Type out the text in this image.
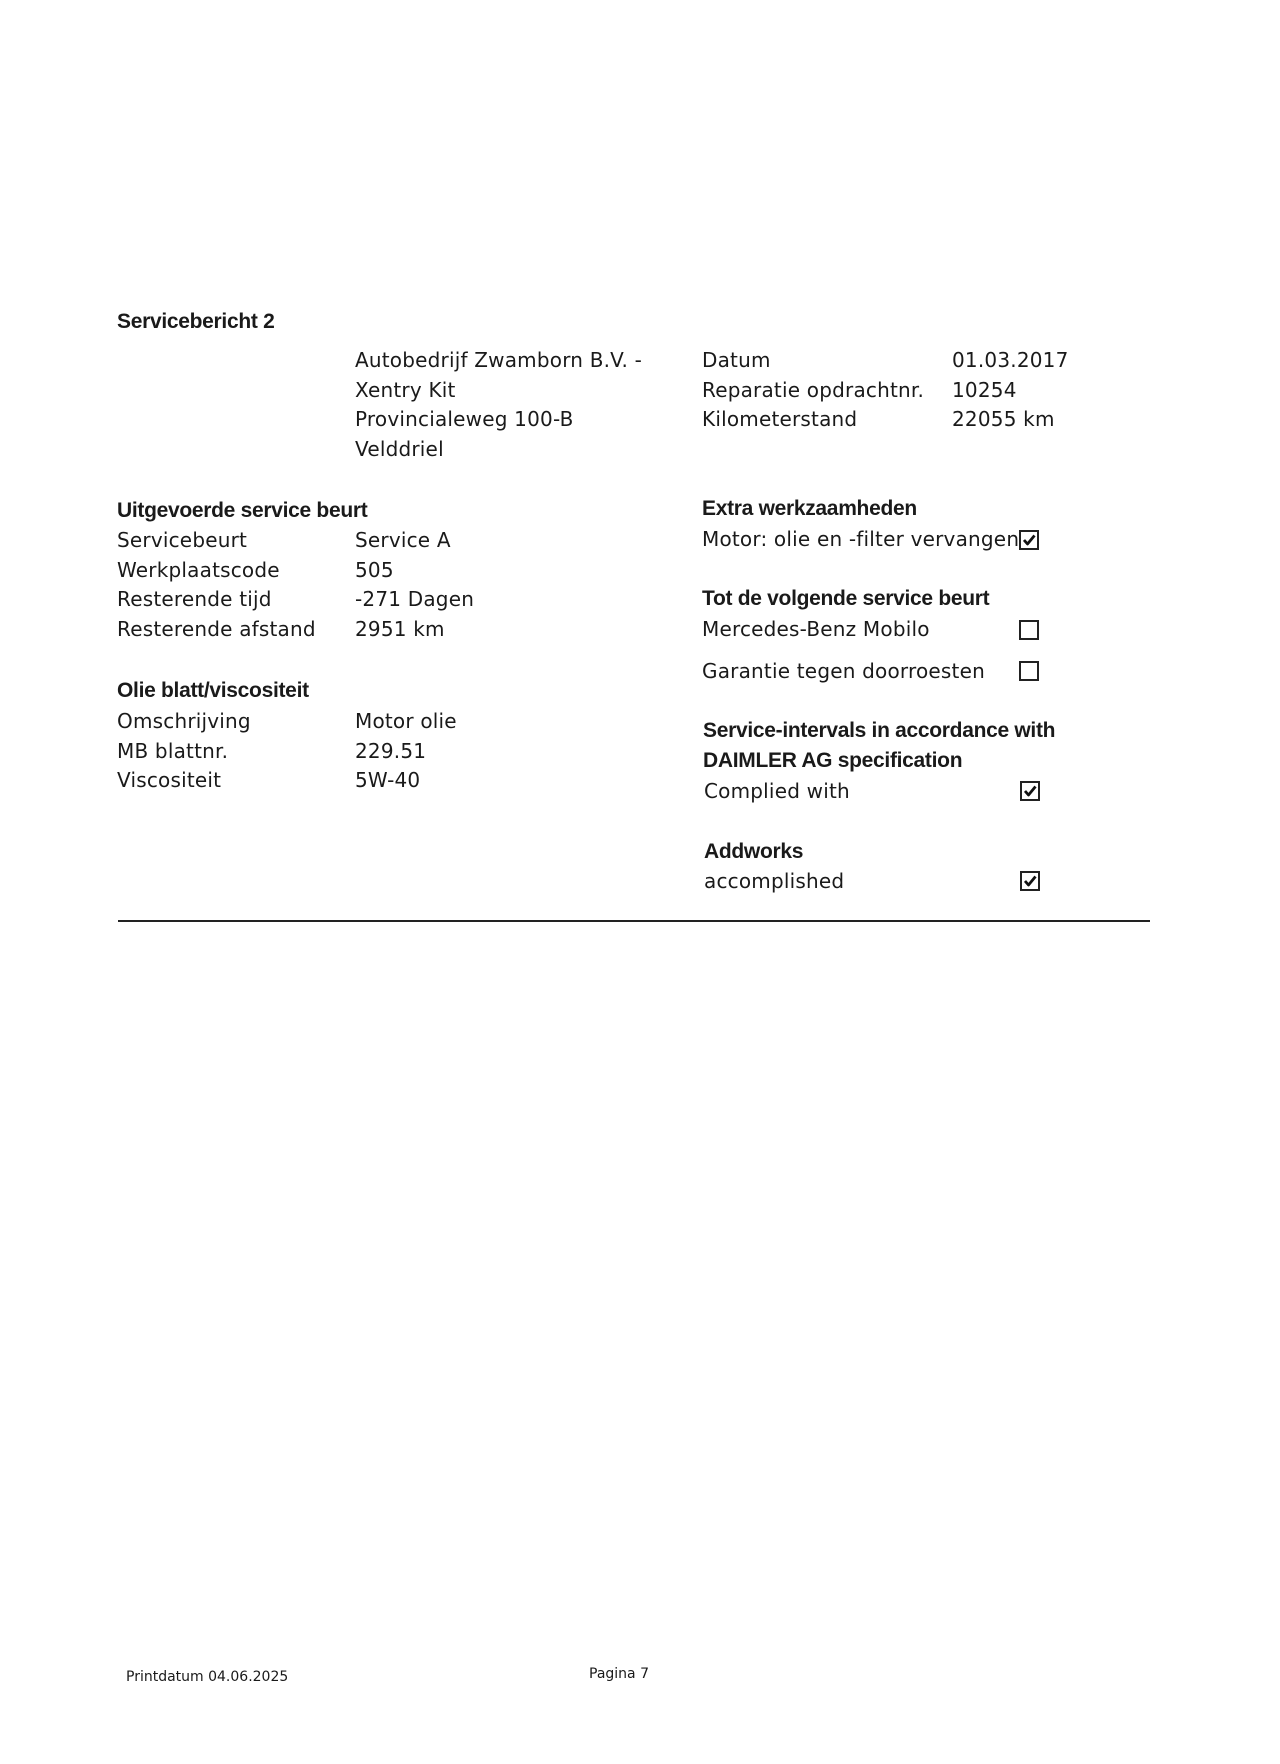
Servicebericht 2
Autobedrijf Zwamborn B.V. -
Xentry Kit
Provincialeweg 100-B
Velddriel
Datum	01.03.2017
Reparatie opdrachtnr.	10254
Kilometerstand	22055 km
Uitgevoerde service beurt
Servicebeurt	Service A
Werkplaatscode	505
Resterende tijd	-271 Dagen
Resterende afstand	2951 km
Olie blatt/viscositeit
Omschrijving	Motor olie
MB blattnr.	229.51
Viscositeit	5W-40
Extra werkzaamheden
Motor: olie en -filter vervangen
Tot de volgende service beurt
Mercedes-Benz Mobilo
Garantie tegen doorroesten
Service-intervals in accordance with
DAIMLER AG specification
Complied with
Addworks
accomplished
Printdatum 04.06.2025	Pagina 7
